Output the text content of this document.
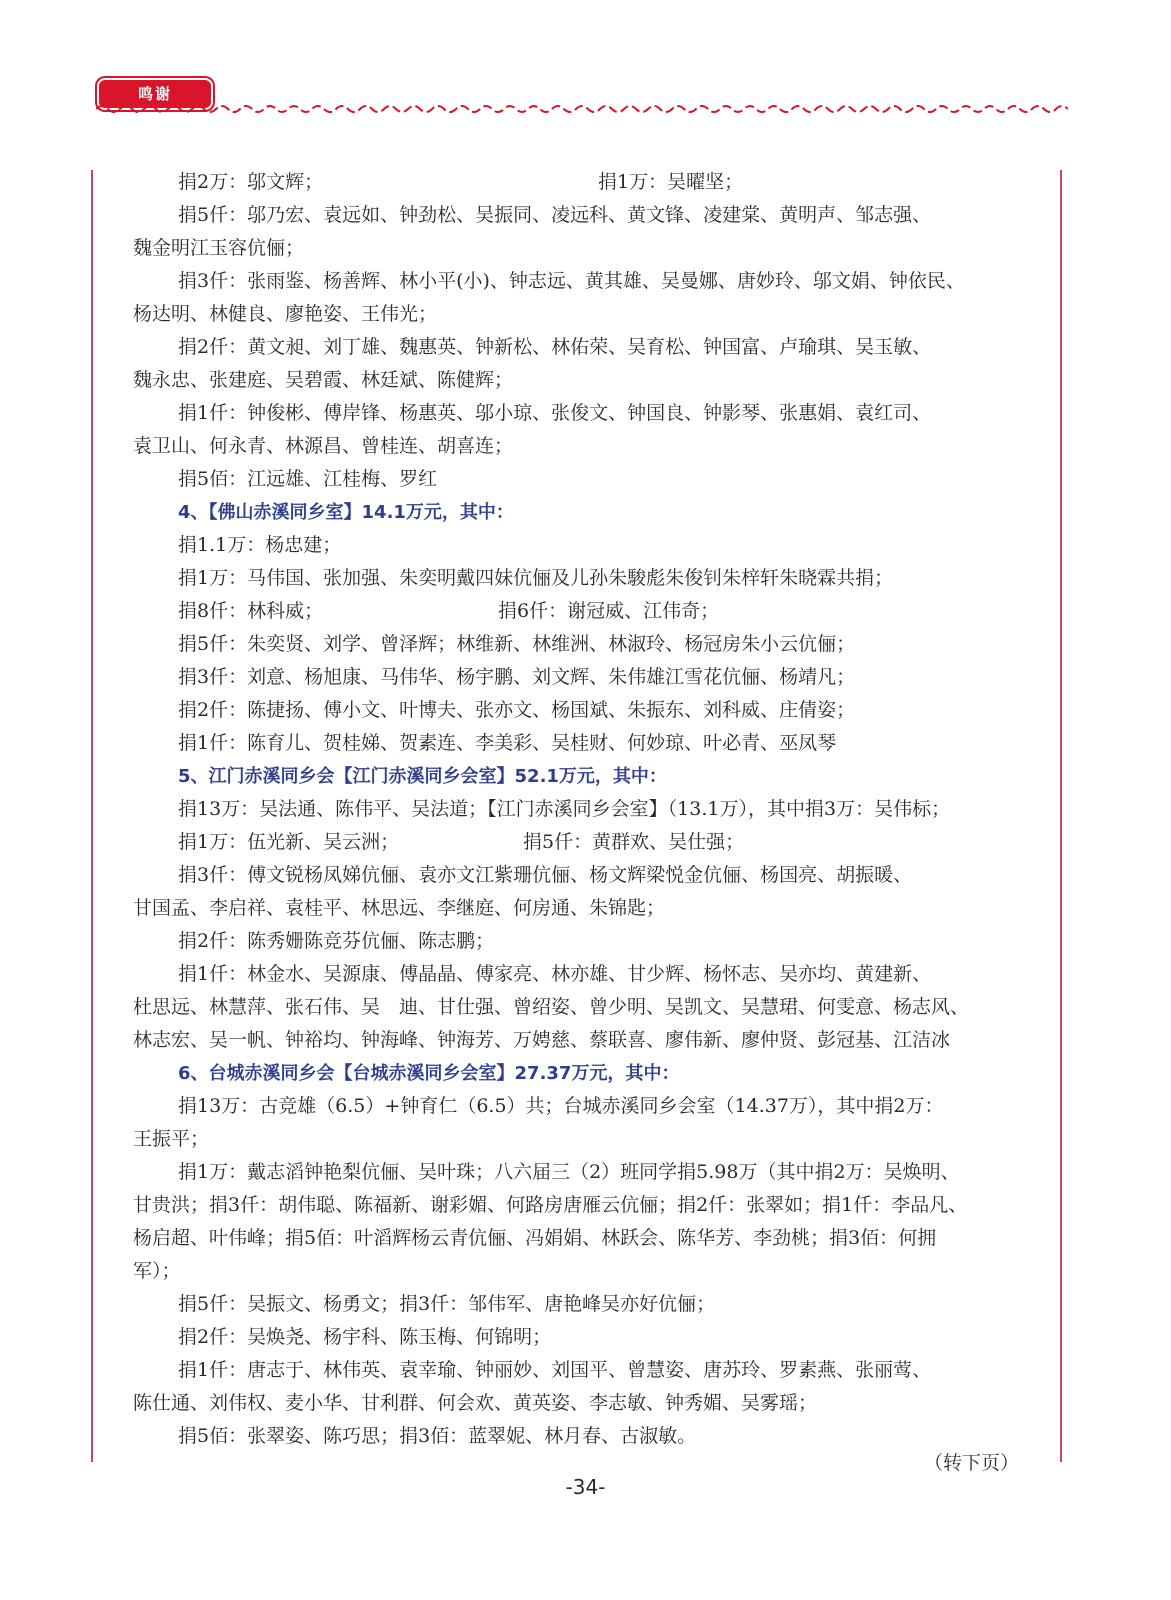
鸣谢
捐2万：邬文辉；	捐1万：吴曜坚；
捐5仟：邬乃宏、袁远如、钟劲松、吴振同、凌远科、黄文锋、凌建棠、黄明声、邹志强、
魏金明江玉容伉俪；
捐3仟：张雨鉴、杨善辉、林小平(小)、钟志远、黄其雄、吴曼娜、唐妙玲、邬文娟、钟依民、
杨达明、林健良、廖艳姿、王伟光；
捐2仟：黄文昶、刘丁雄、魏惠英、钟新松、林佑荣、吴育松、钟国富、卢瑜琪、吴玉敏、
魏永忠、张建庭、吴碧霞、林廷斌、陈健辉；
捐1仟：钟俊彬、傅岸锋、杨惠英、邬小琼、张俊文、钟国良、钟影琴、张惠娟、袁红司、
袁卫山、何永青、林源昌、曾桂连、胡喜连；
捐5佰：江远雄、江桂梅、罗红
4、【佛山赤溪同乡室】14.1万元，其中：
捐1.1万：杨忠建；
捐1万：马伟国、张加强、朱奕明戴四妹伉俪及儿孙朱駿彪朱俊钊朱梓轩朱晓霖共捐；
捐8仟：林科威；	捐6仟：谢冠威、江伟奇；
捐5仟：朱奕贤、刘学、曾泽辉；林维新、林维洲、林淑玲、杨冠房朱小云伉俪；
捐3仟：刘意、杨旭康、马伟华、杨宇鹏、刘文辉、朱伟雄江雪花伉俪、杨靖凡；
捐2仟：陈捷扬、傅小文、叶博夫、张亦文、杨国斌、朱振东、刘科威、庄倩姿；
捐1仟：陈育儿、贺桂娣、贺素连、李美彩、吴桂财、何妙琼、叶必青、巫凤琴
5、江门赤溪同乡会【江门赤溪同乡会室】52.1万元，其中：
捐13万：吴法通、陈伟平、吴法道；【江门赤溪同乡会室】（13.1万），其中捐3万：吴伟标；
捐1万：伍光新、吴云洲；	捐5仟：黄群欢、吴仕强；
捐3仟：傅文锐杨凤娣伉俪、袁亦文江紫珊伉俪、杨文辉梁悦金伉俪、杨国亮、胡振暖、
甘国孟、李启祥、袁桂平、林思远、李继庭、何房通、朱锦匙；
捐2仟：陈秀姗陈竞芬伉俪、陈志鹏；
捐1仟：林金水、吴源康、傅晶晶、傅家亮、林亦雄、甘少辉、杨怀志、吴亦均、黄建新、
杜思远、林慧萍、张石伟、吴　迪、甘仕强、曾绍姿、曾少明、吴凯文、吴慧珺、何雯意、杨志风、
林志宏、吴一帆、钟裕均、钟海峰、钟海芳、万娉慈、蔡联喜、廖伟新、廖仲贤、彭冠基、江洁冰
6、台城赤溪同乡会【台城赤溪同乡会室】27.37万元，其中：
捐13万：古竞雄（6.5）+钟育仁（6.5）共；台城赤溪同乡会室（14.37万），其中捐2万：
王振平；
捐1万：戴志滔钟艳梨伉俪、吴叶珠；八六届三（2）班同学捐5.98万（其中捐2万：吴焕明、
甘贵洪；捐3仟：胡伟聪、陈福新、谢彩媚、何路房唐雁云伉俪；捐2仟：张翠如；捐1仟：李品凡、
杨启超、叶伟峰；捐5佰：叶滔辉杨云青伉俪、冯娟娟、林跃会、陈华芳、李劲桃；捐3佰：何拥
军）；
捐5仟：吴振文、杨勇文；捐3仟：邹伟军、唐艳峰吴亦好伉俪；
捐2仟：吴焕尧、杨宇科、陈玉梅、何锦明；
捐1仟：唐志于、林伟英、袁幸瑜、钟丽妙、刘国平、曾慧姿、唐苏玲、罗素燕、张丽莺、
陈仕通、刘伟权、麦小华、甘利群、何会欢、黄英姿、李志敏、钟秀媚、吴雾瑶；
捐5佰：张翠姿、陈巧思；捐3佰：蓝翠妮、林月春、古淑敏。
（转下页）
-34-
